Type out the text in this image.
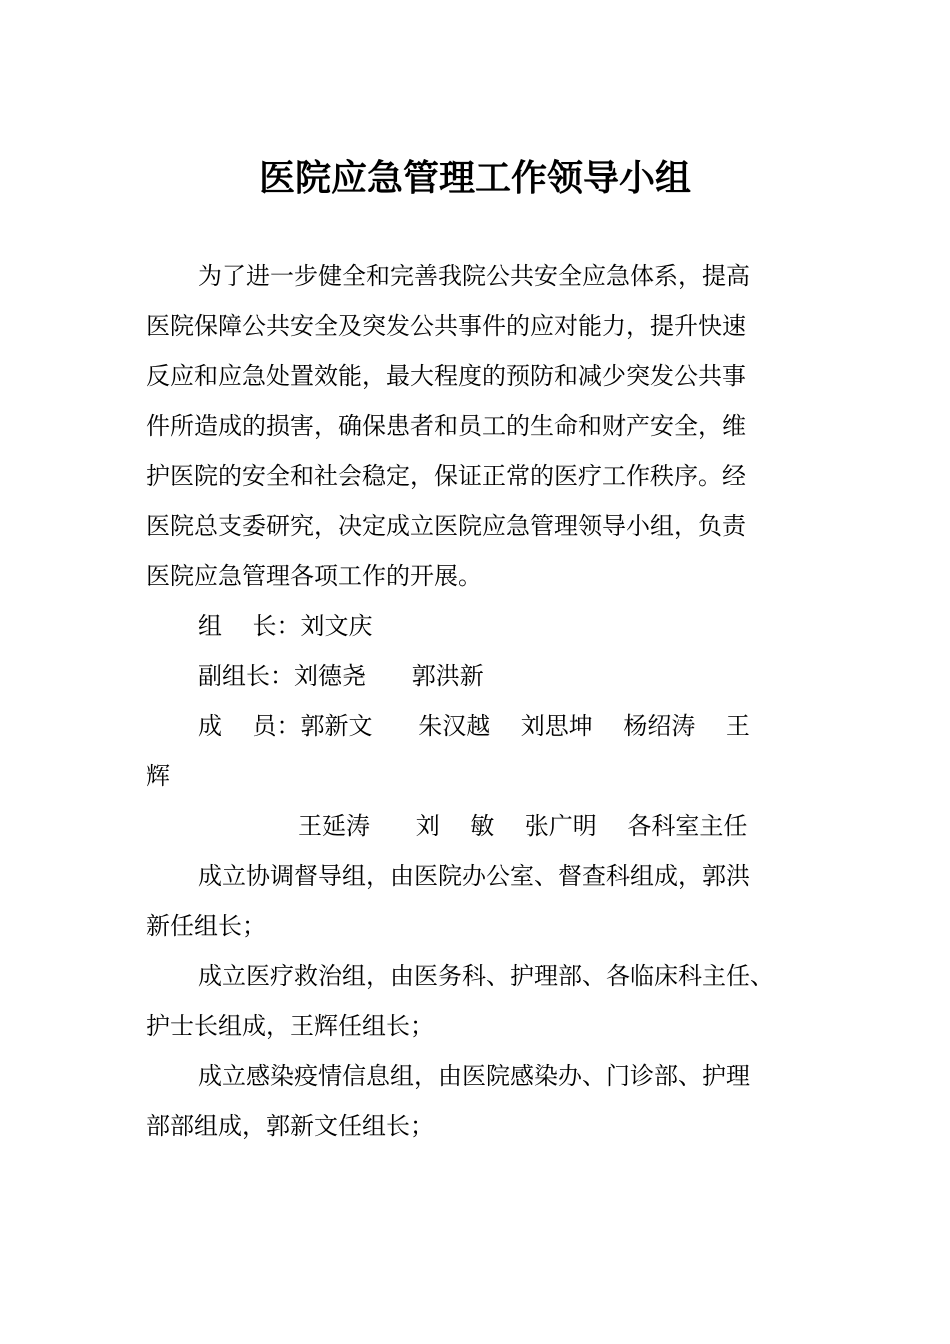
医院应急管理工作领导小组
为了进一步健全和完善我院公共安全应急体系，提高
医院保障公共安全及突发公共事件的应对能力，提升快速
反应和应急处置效能，最大程度的预防和减少突发公共事
件所造成的损害，确保患者和员工的生命和财产安全，维
护医院的安全和社会稳定，保证正常的医疗工作秩序。经
医院总支委研究，决定成立医院应急管理领导小组，负责
医院应急管理各项工作的开展。
组    长：刘文庆
副组长：刘德尧      郭洪新
成    员：郭新文      朱汉越    刘思坤    杨绍涛    王
辉
王延涛      刘    敏    张广明    各科室主任
成立协调督导组，由医院办公室、督查科组成，郭洪
新任组长；
成立医疗救治组，由医务科、护理部、各临床科主任、
护士长组成，王辉任组长；
成立感染疫情信息组，由医院感染办、门诊部、护理
部部组成，郭新文任组长；
